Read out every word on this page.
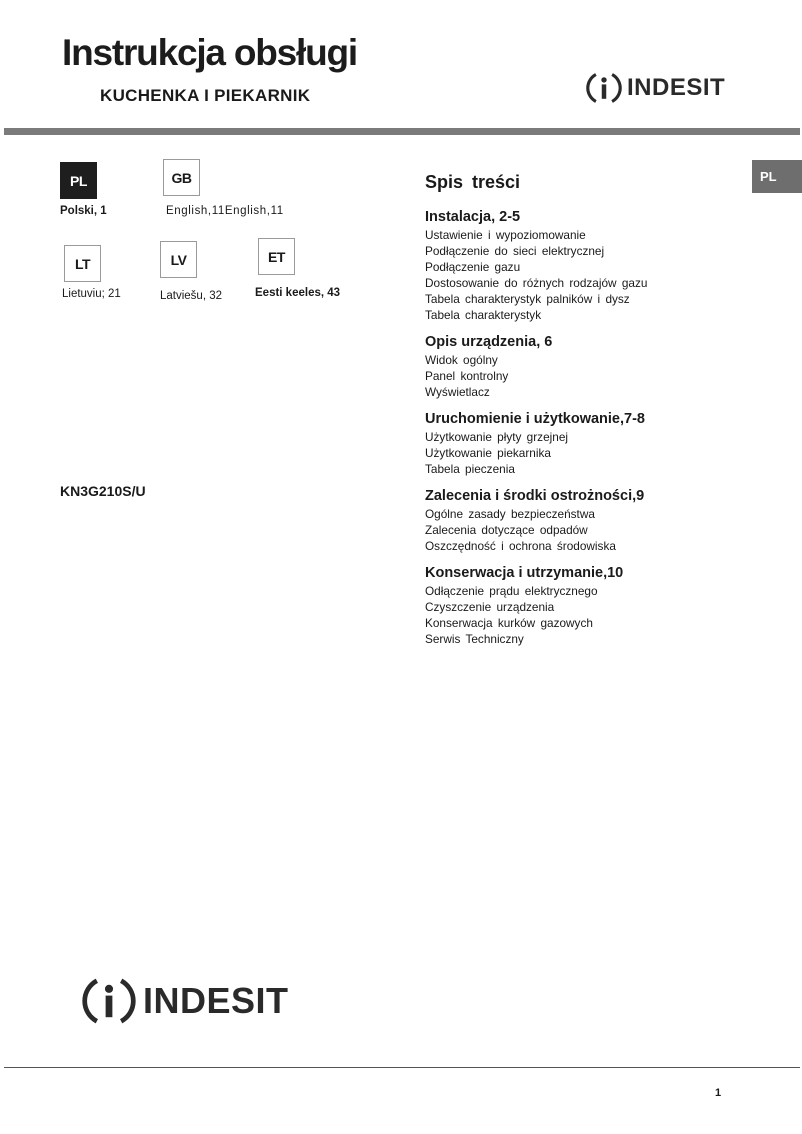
Instrukcja obsługi
KUCHENKA I PIEKARNIK	INDESIT
PL
PL
Polski, 1
GB
English,11English,11
LT
Lietuviu; 21
LV
Latviešu, 32
ET
Eesti keeles, 43
KN3G210S/U
Spis treści
Instalacja, 2-5
Ustawienie i wypoziomowanie
Podłączenie do sieci elektrycznej
Podłączenie gazu
Dostosowanie do różnych rodzajów gazu
Tabela charakterystyk palników i dysz
Tabela charakterystyk
Opis urządzenia, 6
Widok ogólny
Panel kontrolny
Wyświetlacz
Uruchomienie i użytkowanie,7-8
Użytkowanie płyty grzejnej
Użytkowanie piekarnika
Tabela pieczenia
Zalecenia i środki ostrożności,9
Ogólne zasady bezpieczeństwa
Zalecenia dotyczące odpadów
Oszczędność i ochrona środowiska
Konserwacja i utrzymanie,10
Odłączenie prądu elektrycznego
Czyszczenie urządzenia
Konserwacja kurków gazowych
Serwis Techniczny
INDESIT
1
